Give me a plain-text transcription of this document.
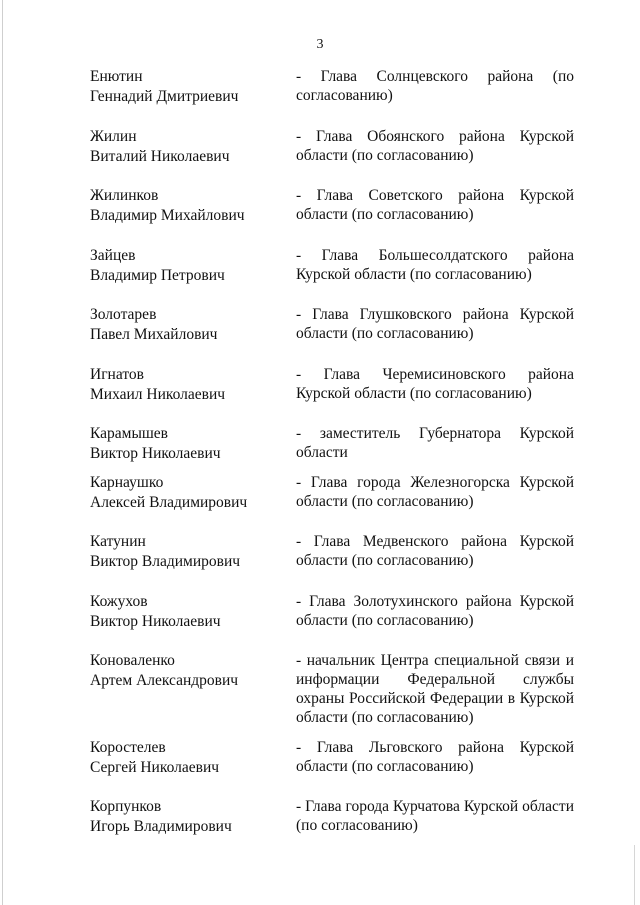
3
Енютин
Геннадий Дмитриевич
- Глава Солнцевского района (по согласованию)
Жилин
Виталий Николаевич
- Глава Обоянского района Курской области (по согласованию)
Жилинков
Владимир Михайлович
- Глава Советского района Курской области (по согласованию)
Зайцев
Владимир Петрович
- Глава Большесолдатского района Курской области (по согласованию)
Золотарев
Павел Михайлович
- Глава Глушковского района Курской области (по согласованию)
Игнатов
Михаил Николаевич
- Глава Черемисиновского района Курской области (по согласованию)
Карамышев
Виктор Николаевич
- заместитель Губернатора Курской области
Карнаушко
Алексей Владимирович
- Глава города Железногорска Курской области (по согласованию)
Катунин
Виктор Владимирович
- Глава Медвенского района Курской области (по согласованию)
Кожухов
Виктор Николаевич
- Глава Золотухинского района Курской области (по согласованию)
Коноваленко
Артем Александрович
- начальник Центра специальной связи и информации Федеральной службы охраны Российской Федерации в Курской области (по согласованию)
Коростелев
Сергей Николаевич
- Глава Льговского района Курской области (по согласованию)
Корпунков
Игорь Владимирович
- Глава города Курчатова Курской области (по согласованию)
